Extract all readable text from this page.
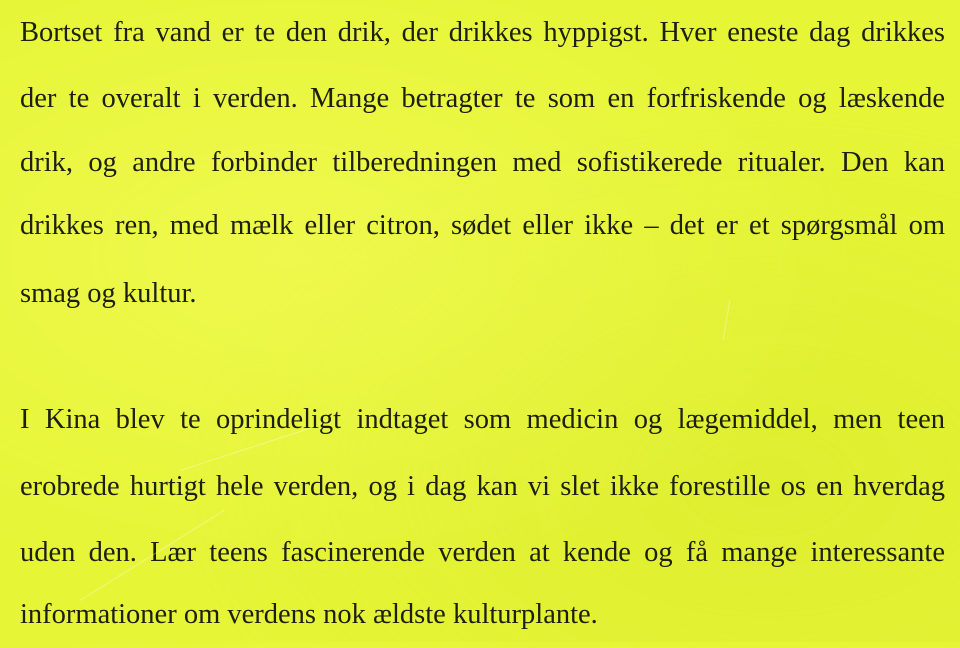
Bortset fra vand er te den drik, der drikkes hyppigst. Hver eneste dag drikkes
der te overalt i verden. Mange betragter te som en forfriskende og læskende
drik, og andre forbinder tilberedningen med sofistikerede ritualer. Den kan
drikkes ren, med mælk eller citron, sødet eller ikke – det er et spørgsmål om
smag og kultur.
I Kina blev te oprindeligt indtaget som medicin og lægemiddel, men teen
erobrede hurtigt hele verden, og i dag kan vi slet ikke forestille os en hverdag
uden den. Lær teens fascinerende verden at kende og få mange interessante
informationer om verdens nok ældste kulturplante.
